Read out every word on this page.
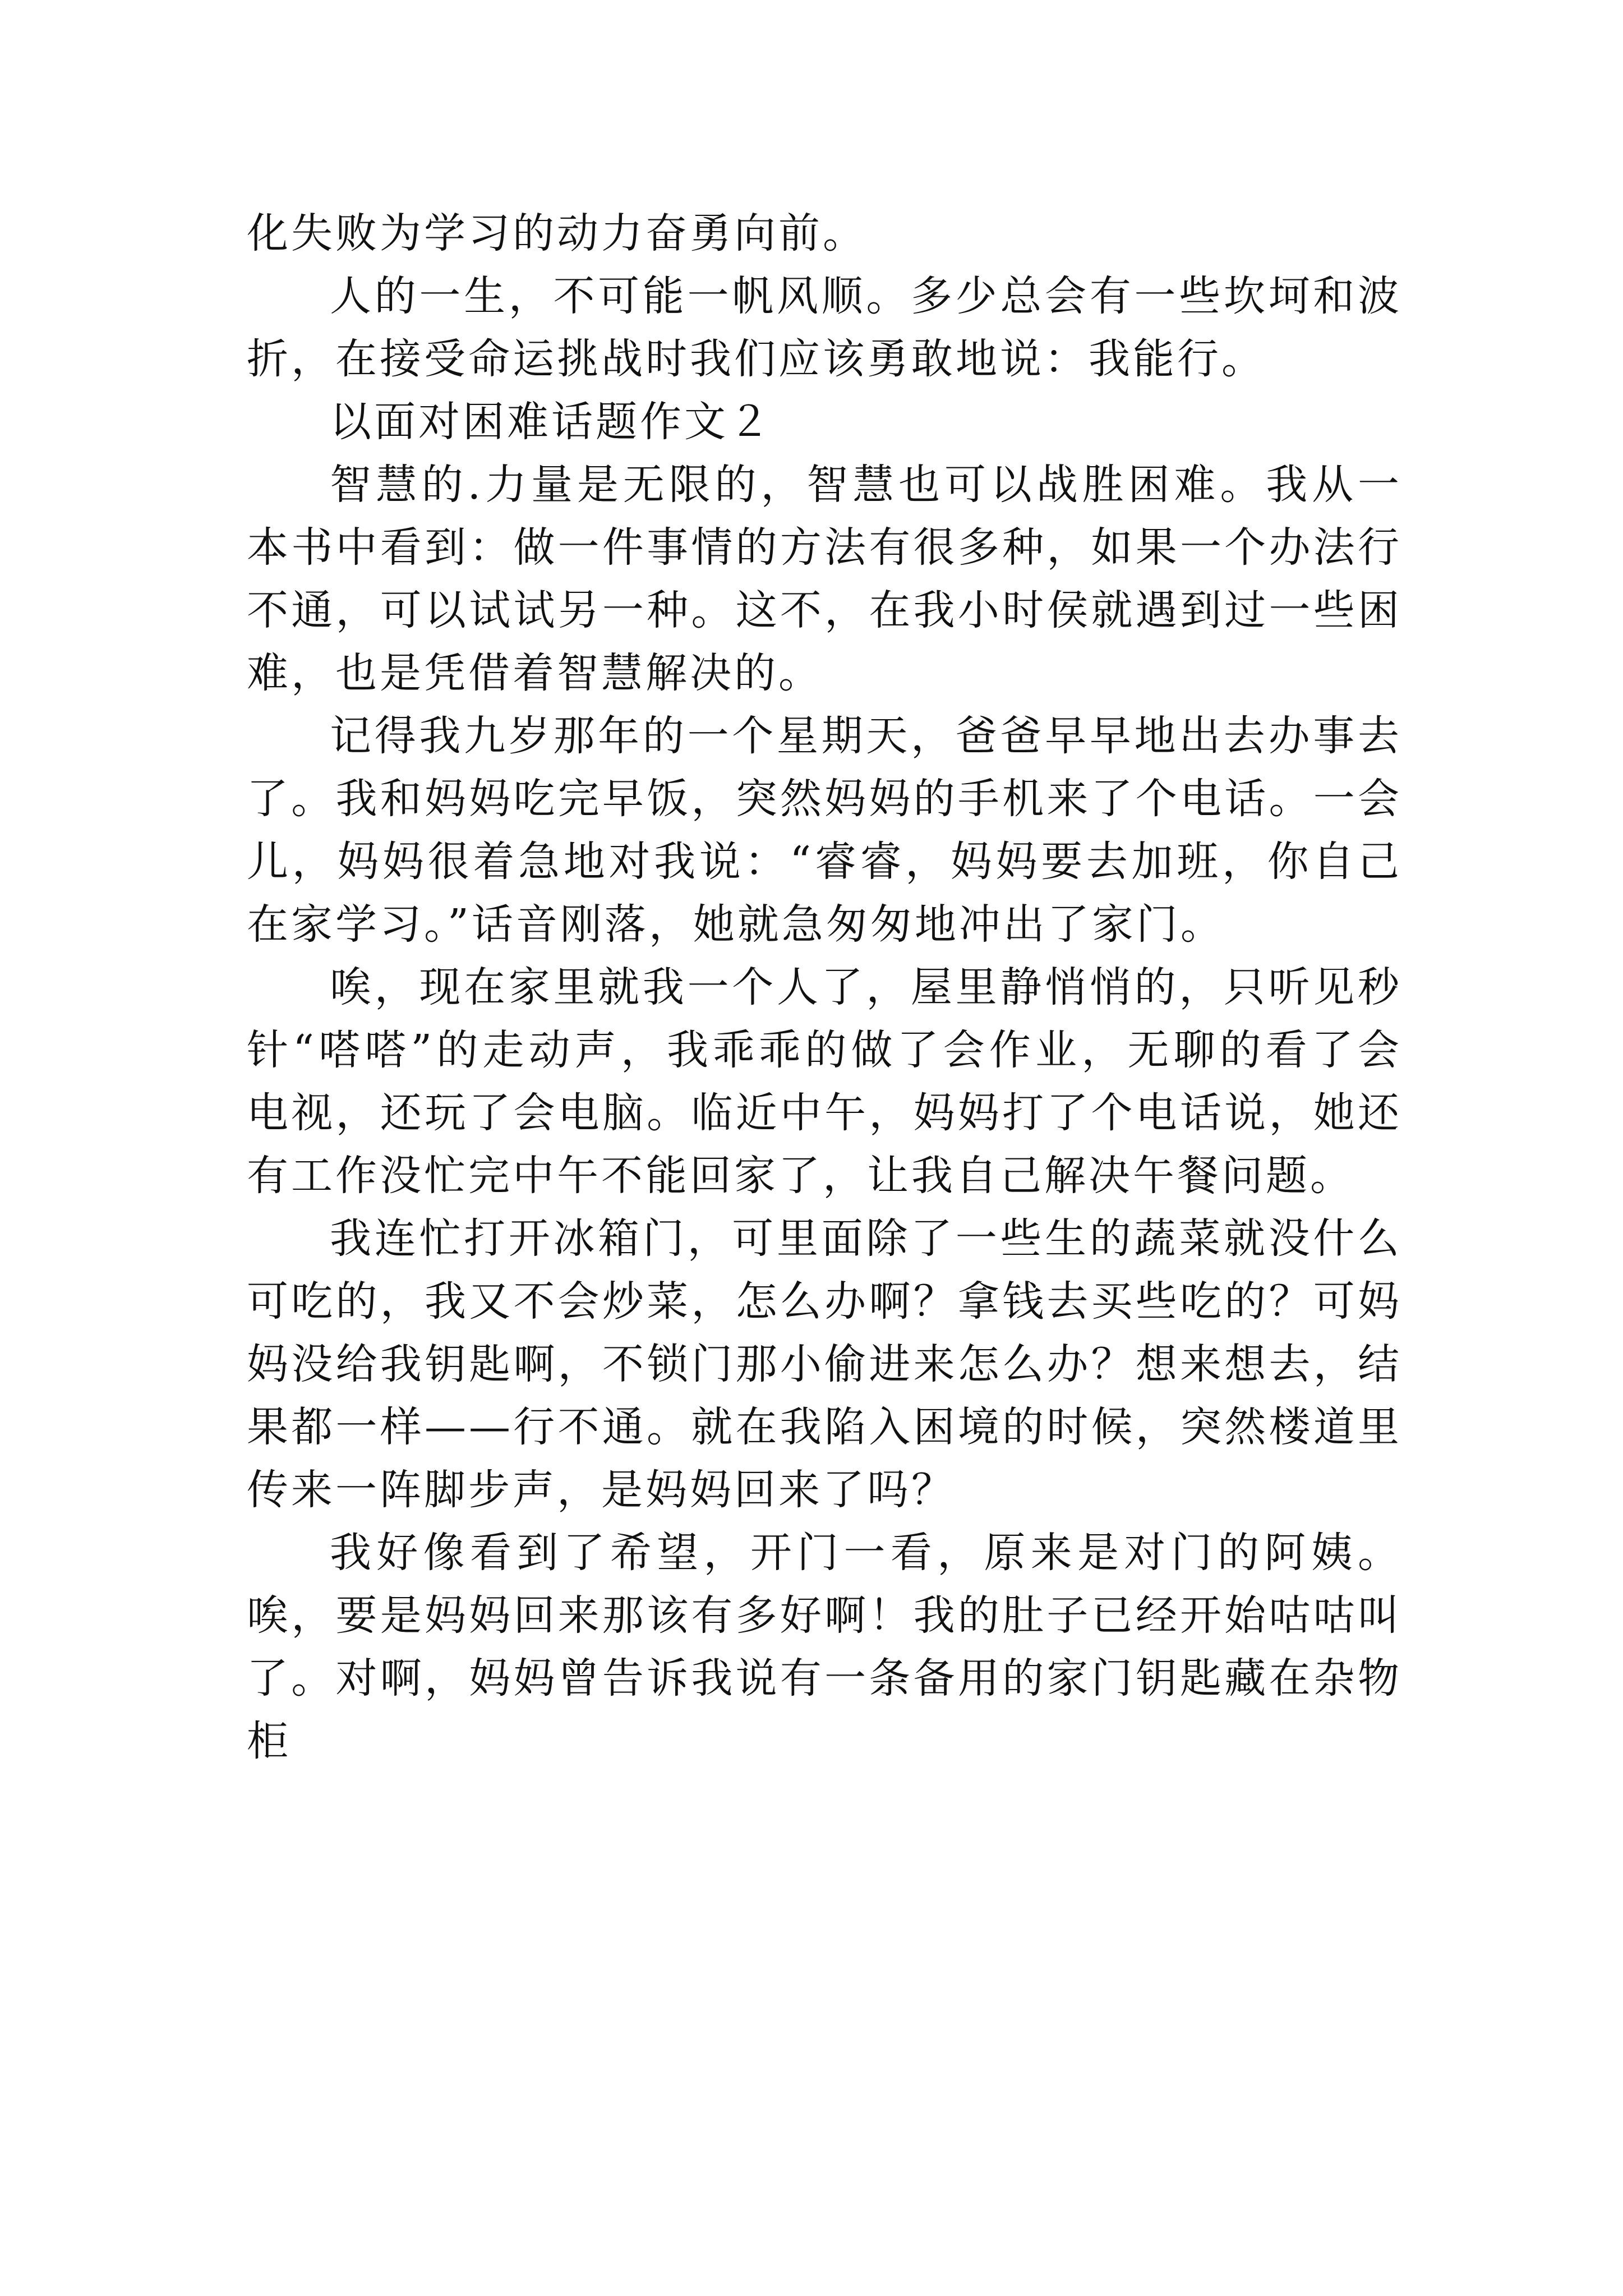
化失败为学习的动力奋勇向前。

人的一生，不可能一帆风顺。多少总会有一些坎坷和波折，在接受命运挑战时我们应该勇敢地说：我能行。

以面对困难话题作文２

智慧的.力量是无限的，智慧也可以战胜困难。我从一本书中看到：做一件事情的方法有很多种，如果一个办法行不通，可以试试另一种。这不，在我小时侯就遇到过一些困难，也是凭借着智慧解决的。

记得我九岁那年的一个星期天，爸爸早早地出去办事去了。我和妈妈吃完早饭，突然妈妈的手机来了个电话。一会儿，妈妈很着急地对我说：“睿睿，妈妈要去加班，你自己在家学习。”话音刚落，她就急匆匆地冲出了家门。

唉，现在家里就我一个人了，屋里静悄悄的，只听见秒针“嗒嗒”的走动声，我乖乖的做了会作业，无聊的看了会电视，还玩了会电脑。临近中午，妈妈打了个电话说，她还有工作没忙完中午不能回家了，让我自己解决午餐问题。

我连忙打开冰箱门，可里面除了一些生的蔬菜就没什么可吃的，我又不会炒菜，怎么办啊？拿钱去买些吃的？可妈妈没给我钥匙啊，不锁门那小偷进来怎么办？想来想去，结果都一样——行不通。就在我陷入困境的时候，突然楼道里传来一阵脚步声，是妈妈回来了吗？

我好像看到了希望，开门一看，原来是对门的阿姨。唉，要是妈妈回来那该有多好啊！我的肚子已经开始咕咕叫了。对啊，妈妈曾告诉我说有一条备用的家门钥匙藏在杂物柜
